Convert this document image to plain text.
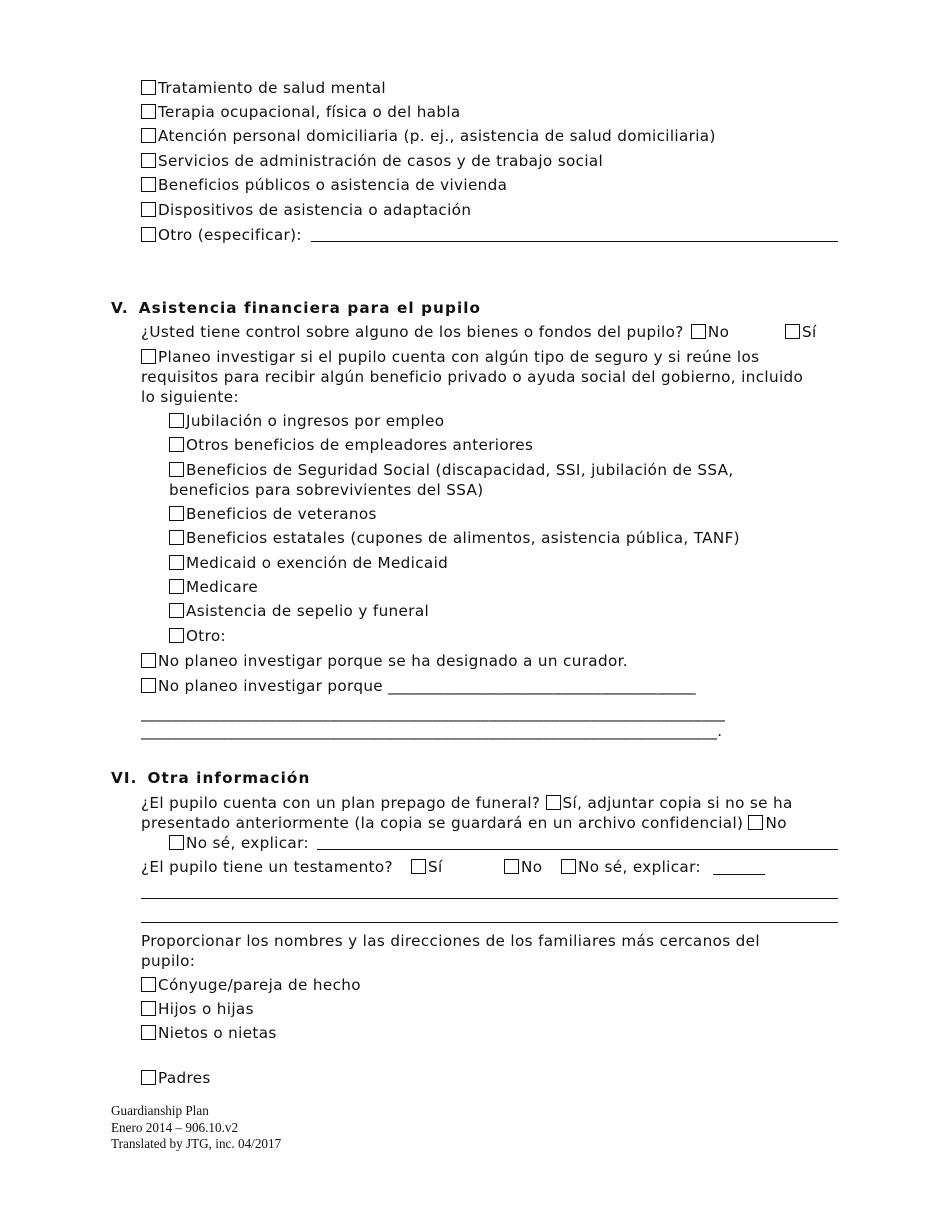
Tratamiento de salud mental
Terapia ocupacional, física o del habla
Atención personal domiciliaria (p. ej., asistencia de salud domiciliaria)
Servicios de administración de casos y de trabajo social
Beneficios públicos o asistencia de vivienda
Dispositivos de asistencia o adaptación
Otro (especificar):
V. Asistencia financiera para el pupilo
¿Usted tiene control sobre alguno de los bienes o fondos del pupilo? No	Sí
Planeo investigar si el pupilo cuenta con algún tipo de seguro y si reúne los
requisitos para recibir algún beneficio privado o ayuda social del gobierno, incluido
lo siguiente:
Jubilación o ingresos por empleo
Otros beneficios de empleadores anteriores
Beneficios de Seguridad Social (discapacidad, SSI, jubilación de SSA,
beneficios para sobrevivientes del SSA)
Beneficios de veteranos
Beneficios estatales (cupones de alimentos, asistencia pública, TANF)
Medicaid o exención de Medicaid
Medicare
Asistencia de sepelio y funeral
Otro:
No planeo investigar porque se ha designado a un curador.
No planeo investigar porque _______________________________________
__________________________________________________________________________
_________________________________________________________________________.
VI. Otra información
¿El pupilo cuenta con un plan prepago de funeral? Sí, adjuntar copia si no se ha
presentado anteriormente (la copia se guardará en un archivo confidencial) No
No sé, explicar:
¿El pupilo tiene un testamento?	Sí	No	No sé, explicar:
Proporcionar los nombres y las direcciones de los familiares más cercanos del
pupilo:
Cónyuge/pareja de hecho
Hijos o hijas
Nietos o nietas
Padres
Guardianship Plan
Enero 2014 – 906.10.v2
Translated by JTG, inc. 04/2017
